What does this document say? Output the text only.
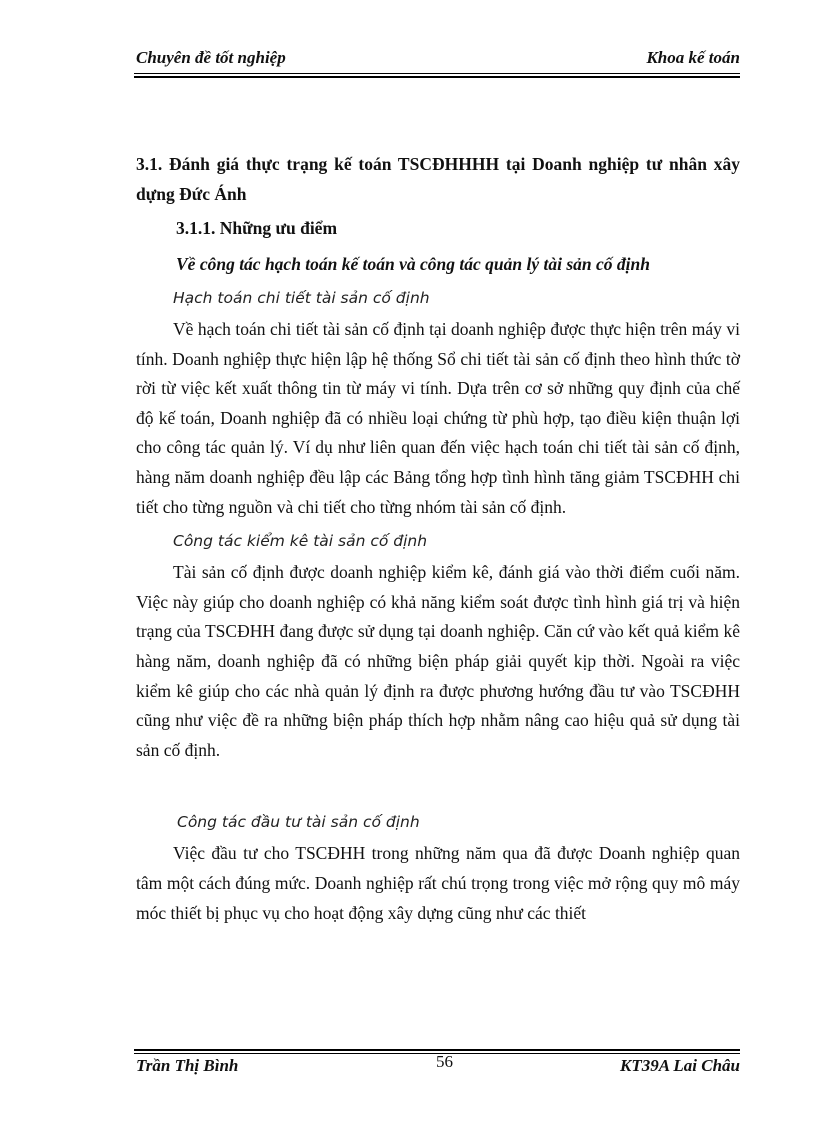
Chuyên đề tốt nghiệp	Khoa kế toán

3.1. Đánh giá thực trạng kế toán TSCĐHHHH tại Doanh nghiệp tư nhân xây dựng Đức Ánh

3.1.1. Những ưu điểm

Về công tác hạch toán kế toán và công tác quản lý tài sản cố định

Hạch toán chi tiết tài sản cố định

Về hạch toán chi tiết tài sản cố định tại doanh nghiệp được thực hiện trên máy vi tính. Doanh nghiệp thực hiện lập hệ thống Sổ chi tiết tài sản cố định theo hình thức tờ rời từ việc kết xuất thông tin từ máy vi tính. Dựa trên cơ sở những quy định của chế độ kế toán, Doanh nghiệp đã có nhiều loại chứng từ phù hợp, tạo điều kiện thuận lợi cho công tác quản lý. Ví dụ như liên quan đến việc hạch toán chi tiết tài sản cố định, hàng năm doanh nghiệp đều lập các Bảng tổng hợp tình hình tăng giảm TSCĐHH chi tiết cho từng nguồn và chi tiết cho từng nhóm tài sản cố định.

Công tác kiểm kê tài sản cố định

Tài sản cố định được doanh nghiệp kiểm kê, đánh giá vào thời điểm cuối năm. Việc này giúp cho doanh nghiệp có khả năng kiểm soát được tình hình giá trị và hiện trạng của TSCĐHH đang được sử dụng tại doanh nghiệp. Căn cứ vào kết quả kiểm kê hàng năm, doanh nghiệp đã có những biện pháp giải quyết kịp thời. Ngoài ra việc kiểm kê giúp cho các nhà quản lý định ra được phương hướng đầu tư vào TSCĐHH cũng như việc đề ra những biện pháp thích hợp nhằm nâng cao hiệu quả sử dụng tài sản cố định.

Công tác đầu tư tài sản cố định

Việc đầu tư cho TSCĐHH trong những năm qua đã được Doanh nghiệp quan tâm một cách đúng mức. Doanh nghiệp rất chú trọng trong việc mở rộng quy mô máy móc thiết bị phục vụ cho hoạt động xây dựng cũng như các thiết

Trần Thị Bình	56	KT39A Lai Châu
